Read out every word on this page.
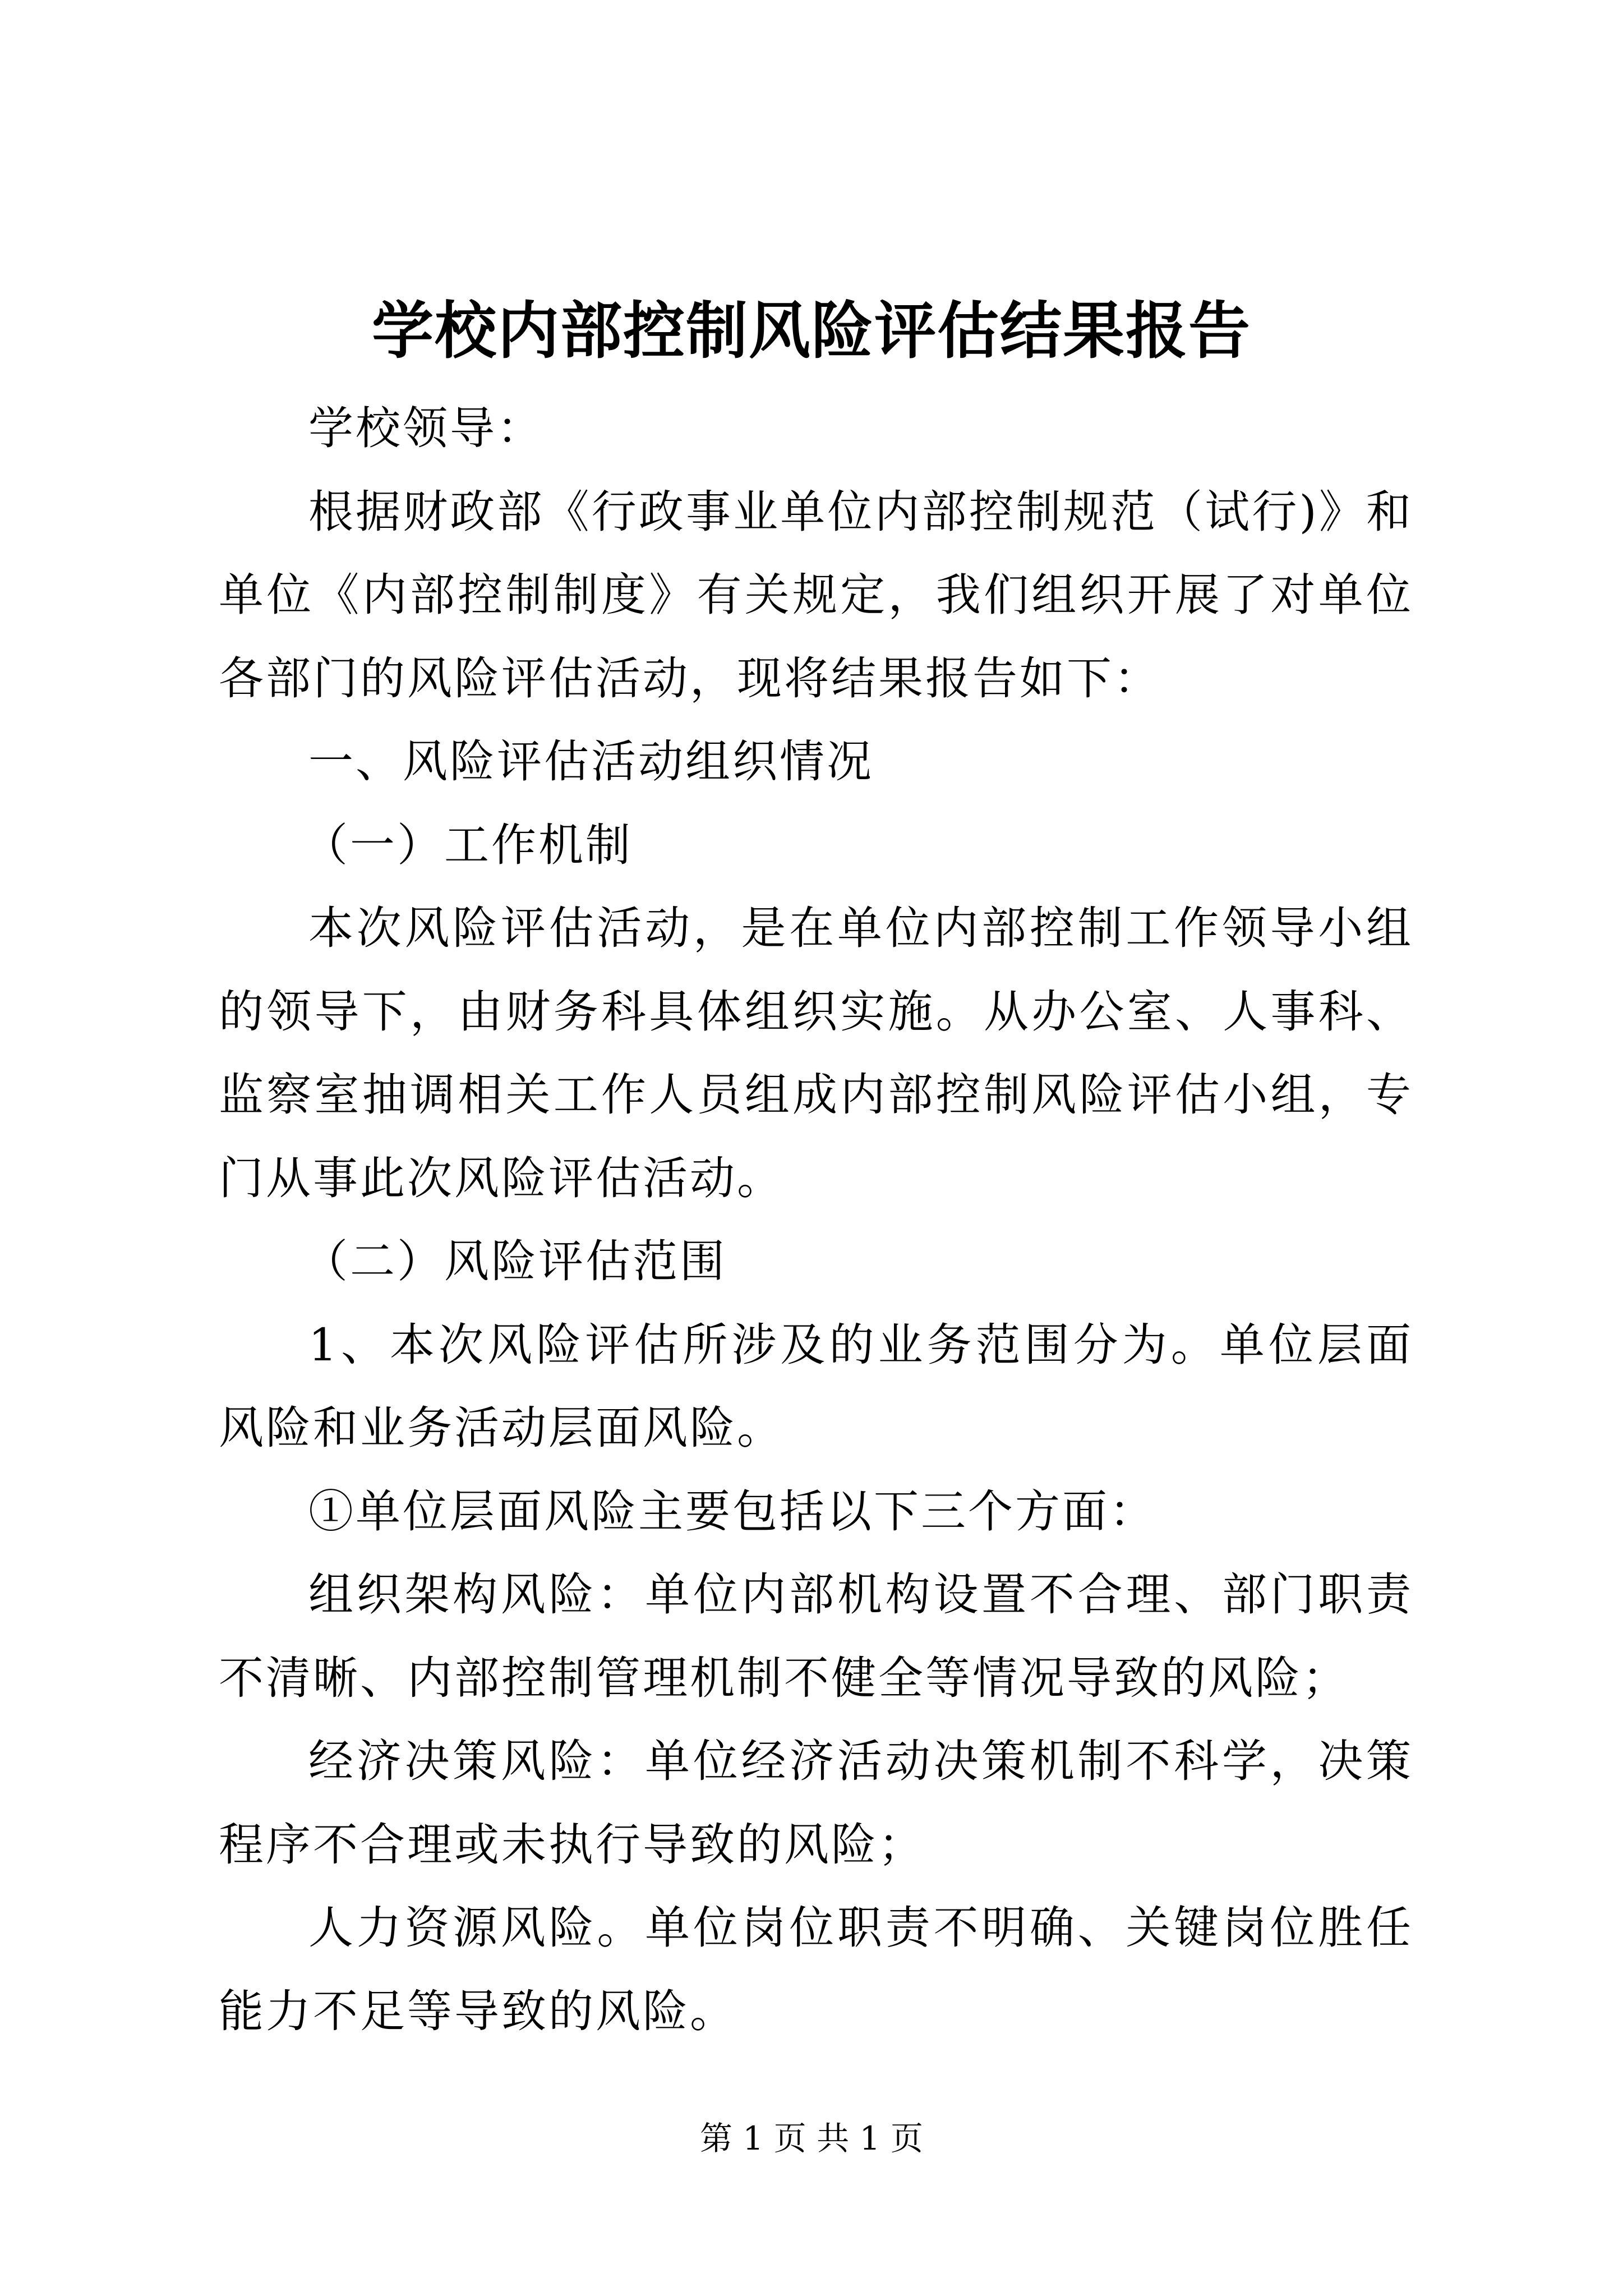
学校内部控制风险评估结果报告

学校领导：

根据财政部《行政事业单位内部控制规范（试行)》和单位《内部控制制度》有关规定，我们组织开展了对单位各部门的风险评估活动，现将结果报告如下：

一、风险评估活动组织情况

（一）工作机制

本次风险评估活动，是在单位内部控制工作领导小组的领导下，由财务科具体组织实施。从办公室、人事科、监察室抽调相关工作人员组成内部控制风险评估小组，专门从事此次风险评估活动。

（二）风险评估范围

1、本次风险评估所涉及的业务范围分为。单位层面风险和业务活动层面风险。

①单位层面风险主要包括以下三个方面：

组织架构风险：单位内部机构设置不合理、部门职责不清晰、内部控制管理机制不健全等情况导致的风险；

经济决策风险：单位经济活动决策机制不科学，决策程序不合理或未执行导致的风险；

人力资源风险。单位岗位职责不明确、关键岗位胜任能力不足等导致的风险。

第 1 页 共 1 页
